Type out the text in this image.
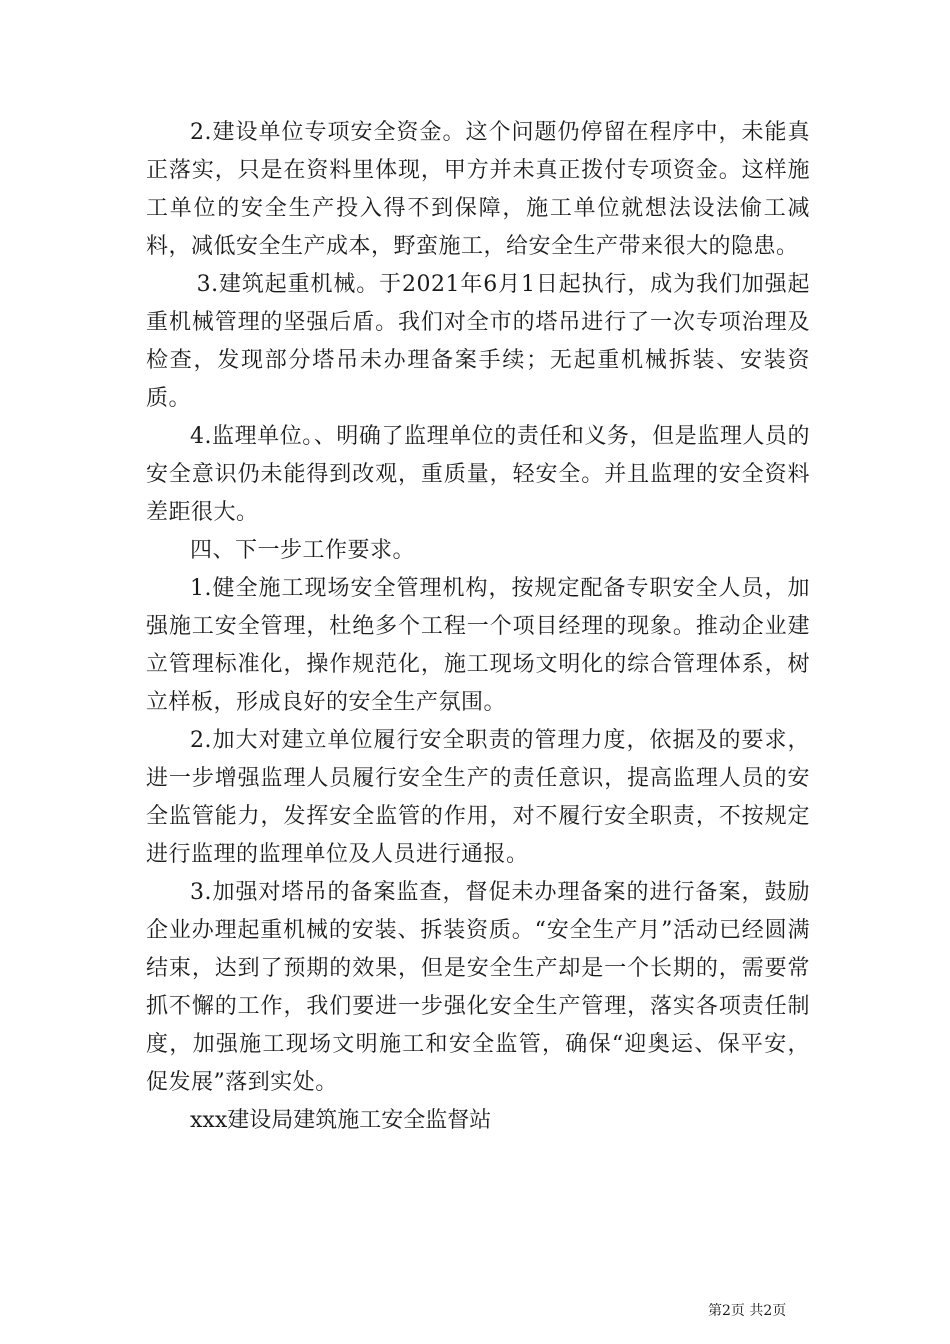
2.建设单位专项安全资金。这个问题仍停留在程序中，未能真正落实，只是在资料里体现，甲方并未真正拨付专项资金。这样施工单位的安全生产投入得不到保障，施工单位就想法设法偷工减料，减低安全生产成本，野蛮施工，给安全生产带来很大的隐患。

3.建筑起重机械。于2021年6月1日起执行，成为我们加强起重机械管理的坚强后盾。我们对全市的塔吊进行了一次专项治理及检查，发现部分塔吊未办理备案手续；无起重机械拆装、安装资质。

4.监理单位。、明确了监理单位的责任和义务，但是监理人员的安全意识仍未能得到改观，重质量，轻安全。并且监理的安全资料差距很大。

四、下一步工作要求。

1.健全施工现场安全管理机构，按规定配备专职安全人员，加强施工安全管理，杜绝多个工程一个项目经理的现象。推动企业建立管理标准化，操作规范化，施工现场文明化的综合管理体系，树立样板，形成良好的安全生产氛围。

2.加大对建立单位履行安全职责的管理力度，依据及的要求，进一步增强监理人员履行安全生产的责任意识，提高监理人员的安全监管能力，发挥安全监管的作用，对不履行安全职责，不按规定进行监理的监理单位及人员进行通报。

3.加强对塔吊的备案监查，督促未办理备案的进行备案，鼓励企业办理起重机械的安装、拆装资质。“安全生产月”活动已经圆满结束，达到了预期的效果，但是安全生产却是一个长期的，需要常抓不懈的工作，我们要进一步强化安全生产管理，落实各项责任制度，加强施工现场文明施工和安全监管，确保“迎奥运、保平安，促发展”落到实处。

xxx建设局建筑施工安全监督站

第2页 共2页
